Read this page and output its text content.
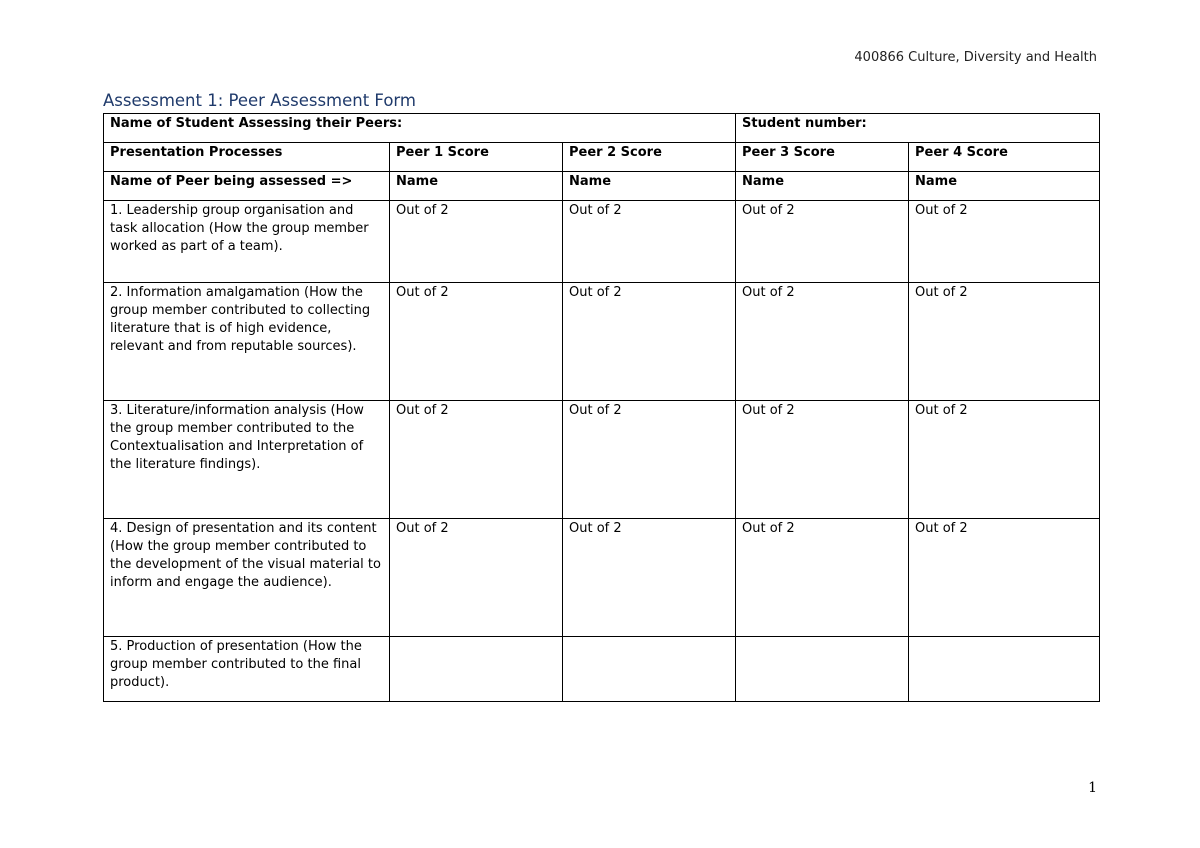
400866 Culture, Diversity and Health
Assessment 1: Peer Assessment Form
Name of Student Assessing their Peers:			Student number:	
Presentation Processes	Peer 1 Score	Peer 2 Score	Peer 3 Score	Peer 4 Score
Name of Peer being assessed =>	Name	Name	Name	Name
1. Leadership group organisation and task allocation (How the group member worked as part of a team).	Out of 2	Out of 2	Out of 2	Out of 2
2. Information amalgamation (How the group member contributed to collecting literature that is of high evidence, relevant and from reputable sources).	Out of 2	Out of 2	Out of 2	Out of 2
3. Literature/information analysis (How the group member contributed to the Contextualisation and Interpretation of the literature findings).	Out of 2	Out of 2	Out of 2	Out of 2
4. Design of presentation and its content (How the group member contributed to the development of the visual material to inform and engage the audience).	Out of 2	Out of 2	Out of 2	Out of 2
5. Production of presentation (How the group member contributed to the final product).				
1
